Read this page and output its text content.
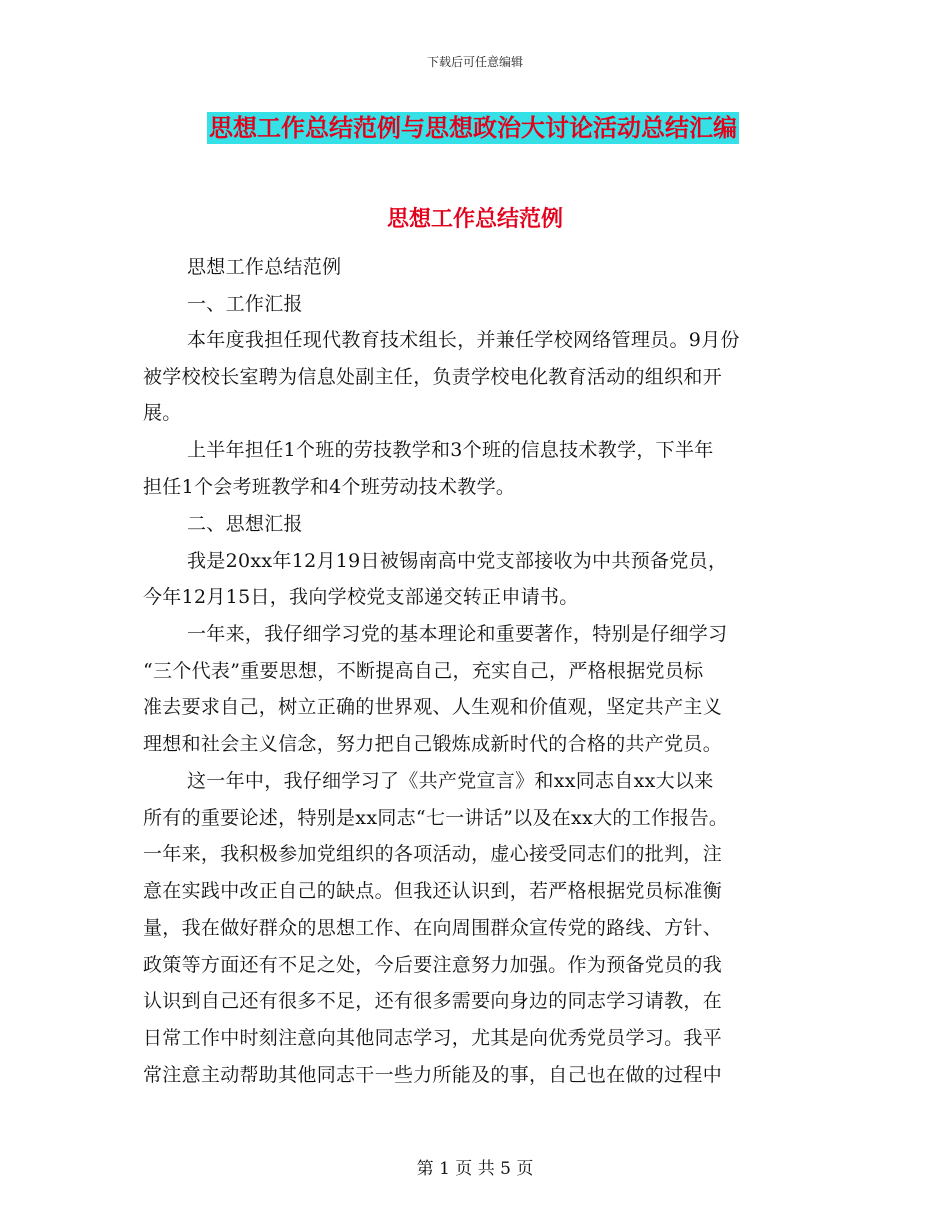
下载后可任意编辑
思想工作总结范例与思想政治大讨论活动总结汇编
思想工作总结范例
思想工作总结范例
一、工作汇报
本年度我担任现代教育技术组长，并兼任学校网络管理员。9月份
被学校校长室聘为信息处副主任，负责学校电化教育活动的组织和开
展。
上半年担任1个班的劳技教学和3个班的信息技术教学，下半年
担任1个会考班教学和4个班劳动技术教学。
二、思想汇报
我是20xx年12月19日被锡南高中党支部接收为中共预备党员，
今年12月15日，我向学校党支部递交转正申请书。
一年来，我仔细学习党的基本理论和重要著作，特别是仔细学习
“三个代表”重要思想，不断提高自己，充实自己，严格根据党员标
准去要求自己，树立正确的世界观、人生观和价值观，坚定共产主义
理想和社会主义信念，努力把自己锻炼成新时代的合格的共产党员。
这一年中，我仔细学习了《共产党宣言》和xx同志自xx大以来
所有的重要论述，特别是xx同志“七一讲话”以及在xx大的工作报告。
一年来，我积极参加党组织的各项活动，虚心接受同志们的批判，注
意在实践中改正自己的缺点。但我还认识到，若严格根据党员标准衡
量，我在做好群众的思想工作、在向周围群众宣传党的路线、方针、
政策等方面还有不足之处，今后要注意努力加强。作为预备党员的我
认识到自己还有很多不足，还有很多需要向身边的同志学习请教，在
日常工作中时刻注意向其他同志学习，尤其是向优秀党员学习。我平
常注意主动帮助其他同志干一些力所能及的事，自己也在做的过程中
第 1 页 共 5 页
